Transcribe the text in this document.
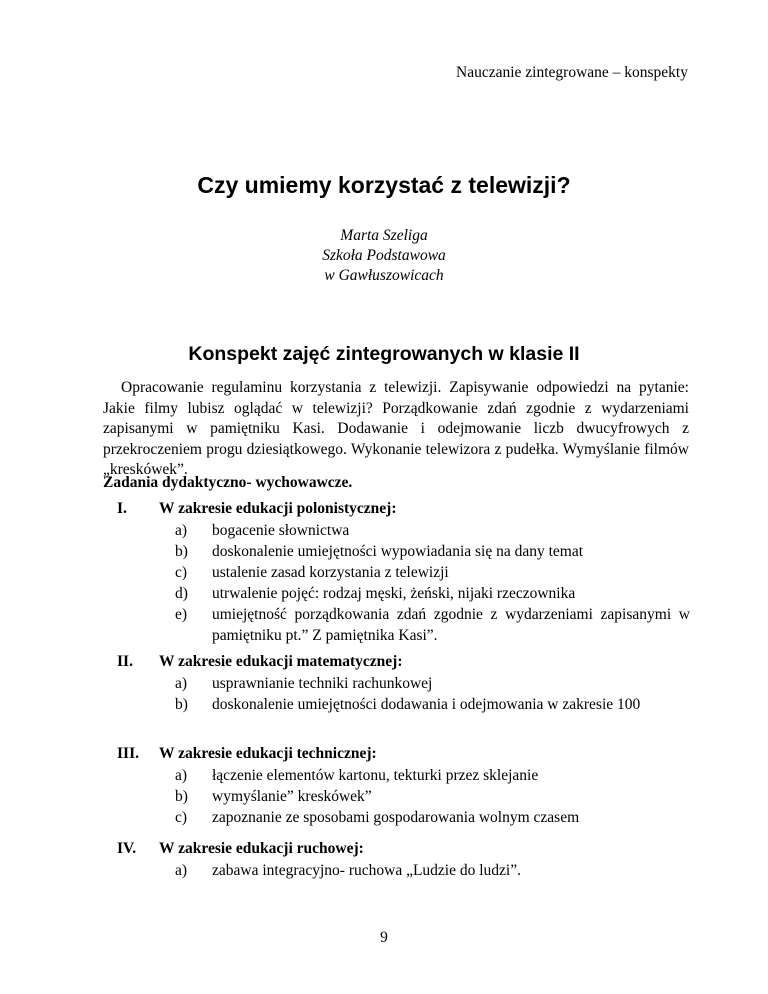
Nauczanie zintegrowane – konspekty
Czy umiemy korzystać z telewizji?
Marta Szeliga
Szkoła Podstawowa
w Gawłuszowicach
Konspekt zajęć zintegrowanych w klasie II
Opracowanie regulaminu korzystania z telewizji. Zapisywanie odpowiedzi na pytanie: Jakie filmy lubisz oglądać w telewizji? Porządkowanie zdań zgodnie z wydarzeniami zapisanymi w pamiętniku Kasi. Dodawanie i odejmowanie liczb dwucyfrowych z przekroczeniem progu dziesiątkowego. Wykonanie telewizora z pudełka. Wymyślanie filmów „kreskówek”.
Zadania dydaktyczno- wychowawcze.
I. W zakresie edukacji polonistycznej:
a) bogacenie słownictwa
b) doskonalenie umiejętności wypowiadania się na dany temat
c) ustalenie zasad korzystania z telewizji
d) utrwalenie pojęć: rodzaj męski, żeński, nijaki rzeczownika
e) umiejętność porządkowania zdań zgodnie z wydarzeniami zapisanymi w pamiętniku pt.” Z pamiętnika Kasi”.
II. W zakresie edukacji matematycznej:
a) usprawnianie techniki rachunkowej
b) doskonalenie umiejętności dodawania i odejmowania w zakresie 100
III. W zakresie edukacji technicznej:
a) łączenie elementów kartonu, tekturki przez sklejanie
b) wymyślanie” kreskówek”
c) zapoznanie ze sposobami gospodarowania wolnym czasem
IV. W zakresie edukacji ruchowej:
a) zabawa integracyjno- ruchowa „Ludzie do ludzi”.
9
